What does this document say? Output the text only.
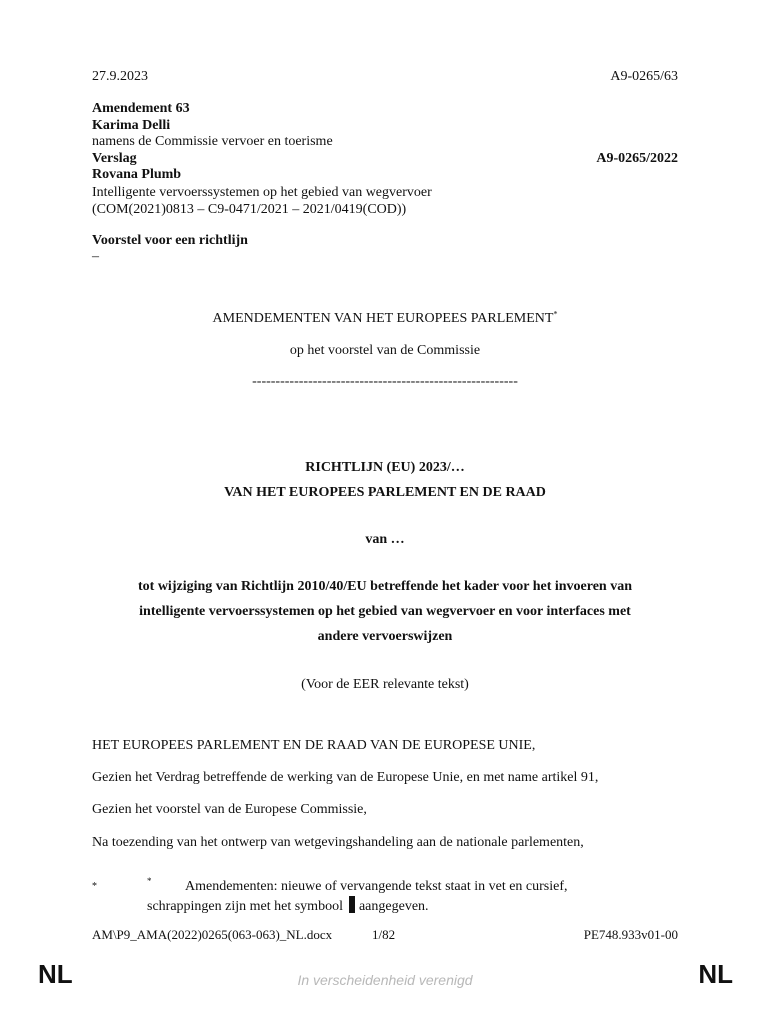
27.9.2023	A9-0265/63
Amendement 63
Karima Delli
namens de Commissie vervoer en toerisme
Verslag	A9-0265/2022
Rovana Plumb
Intelligente vervoerssystemen op het gebied van wegvervoer
(COM(2021)0813 – C9-0471/2021 – 2021/0419(COD))
Voorstel voor een richtlijn
–
AMENDEMENTEN VAN HET EUROPEES PARLEMENT*
op het voorstel van de Commissie
---------------------------------------------------------
RICHTLIJN (EU) 2023/…
VAN HET EUROPEES PARLEMENT EN DE RAAD
van …
tot wijziging van Richtlijn 2010/40/EU betreffende het kader voor het invoeren van
intelligente vervoerssystemen op het gebied van wegvervoer en voor interfaces met
andere vervoerswijzen
(Voor de EER relevante tekst)
HET EUROPEES PARLEMENT EN DE RAAD VAN DE EUROPESE UNIE,
Gezien het Verdrag betreffende de werking van de Europese Unie, en met name artikel 91,
Gezien het voorstel van de Europese Commissie,
Na toezending van het ontwerp van wetgevingshandeling aan de nationale parlementen,
*	* Amendementen: nieuwe of vervangende tekst staat in vet en cursief,
schrappingen zijn met het symbool aangegeven.
AM\P9_AMA(2022)0265(063-063)_NL.docx	1/82	PE748.933v01-00
NL	In verscheidenheid verenigd	NL
